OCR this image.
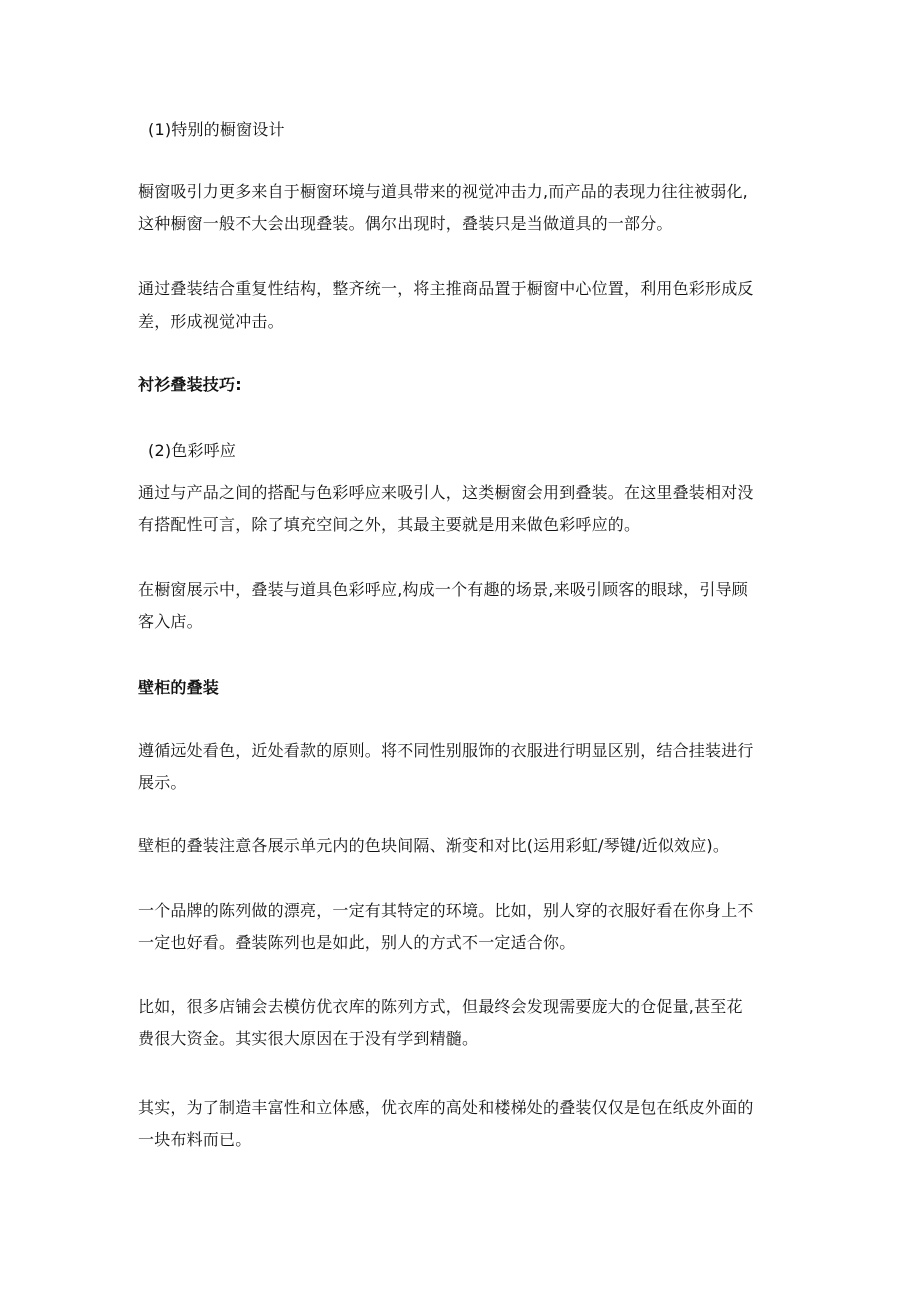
(1)特别的橱窗设计
橱窗吸引力更多来自于橱窗环境与道具带来的视觉冲击力,而产品的表现力往往被弱化,
这种橱窗一般不大会出现叠装。偶尔出现时，叠装只是当做道具的一部分。
通过叠装结合重复性结构，整齐统一，将主推商品置于橱窗中心位置，利用色彩形成反
差，形成视觉冲击。
衬衫叠装技巧:
(2)色彩呼应
通过与产品之间的搭配与色彩呼应来吸引人，这类橱窗会用到叠装。在这里叠装相对没
有搭配性可言，除了填充空间之外，其最主要就是用来做色彩呼应的。
在橱窗展示中，叠装与道具色彩呼应,构成一个有趣的场景,来吸引顾客的眼球，引导顾
客入店。
壁柜的叠装
遵循远处看色，近处看款的原则。将不同性别服饰的衣服进行明显区别，结合挂装进行
展示。
壁柜的叠装注意各展示单元内的色块间隔、渐变和对比(运用彩虹/琴键/近似效应)。
一个品牌的陈列做的漂亮，一定有其特定的环境。比如，别人穿的衣服好看在你身上不
一定也好看。叠装陈列也是如此，别人的方式不一定适合你。
比如，很多店铺会去模仿优衣库的陈列方式，但最终会发现需要庞大的仓促量,甚至花
费很大资金。其实很大原因在于没有学到精髓。
其实，为了制造丰富性和立体感，优衣库的高处和楼梯处的叠装仅仅是包在纸皮外面的
一块布料而已。
